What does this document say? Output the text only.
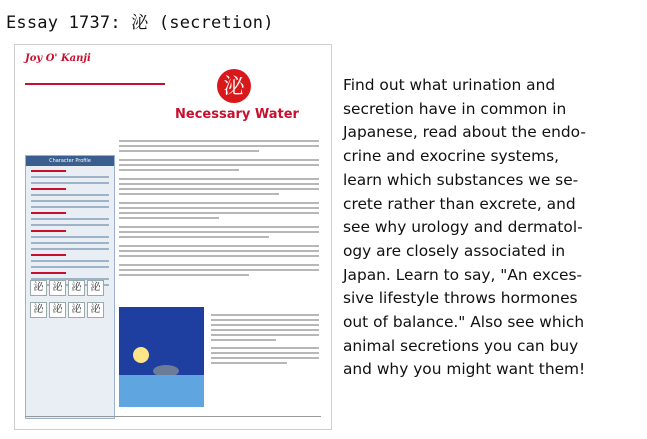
Essay 1737: 泌 (secretion)
Joy O' Kanji
泌
Necessary Water
Character Profile
泌 泌 泌 泌
泌 泌 泌 泌
Find out what urination and
secretion have in common in
Japanese, read about the endo-
crine and exocrine systems,
learn which substances we se-
crete rather than excrete, and
see why urology and dermatol-
ogy are closely associated in
Japan. Learn to say, "An exces-
sive lifestyle throws hormones
out of balance." Also see which
animal secretions you can buy
and why you might want them!
